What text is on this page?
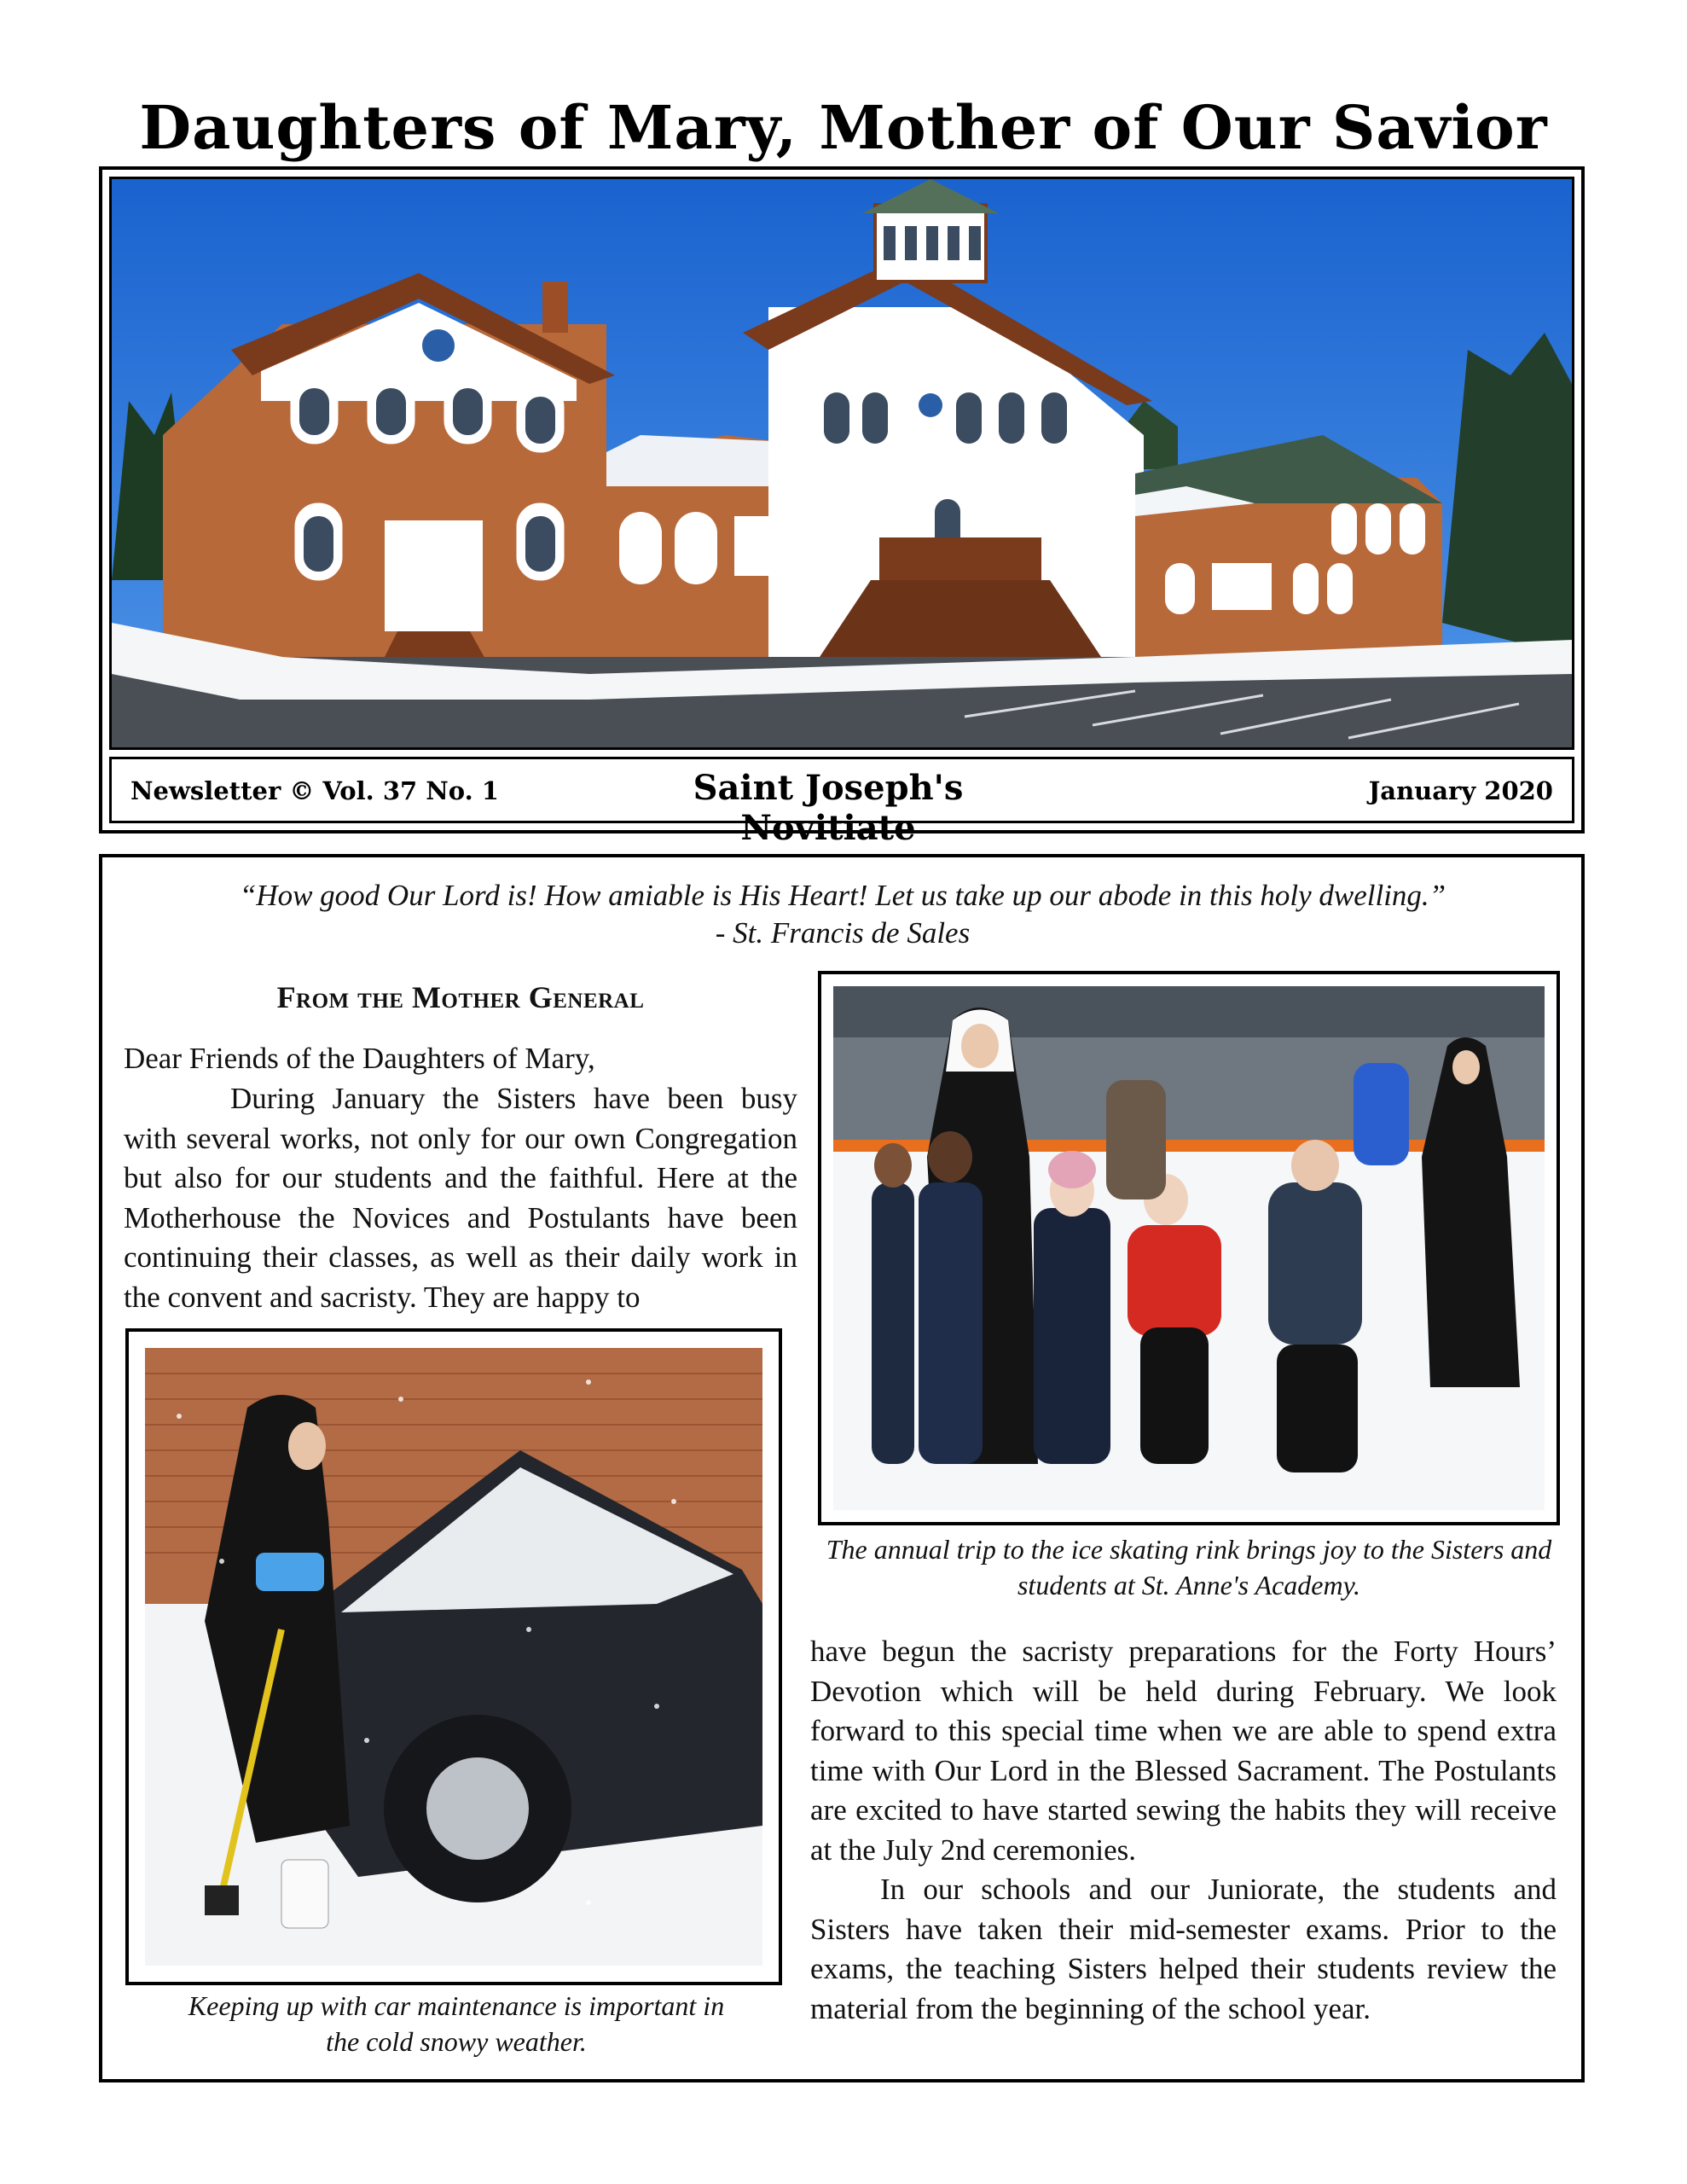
Daughters of Mary, Mother of Our Savior
Newsletter © Vol. 37 No. 1	Saint Joseph's Novitiate
January 2020
“How good Our Lord is! How amiable is His Heart! Let us take up our abode in this holy dwelling.”
- St. Francis de Sales
From the Mother General
Dear Friends of the Daughters of Mary,
During January the Sisters have been busy with several works, not only for our own Congregation but also for our students and the faithful. Here at the Motherhouse the Novices and Postulants have been continuing their classes, as well as their daily work in the convent and sacristy. They are happy to
Keeping up with car maintenance is important in the cold snowy weather.
The annual trip to the ice skating rink brings joy to the Sisters and students at St. Anne's Academy.
have begun the sacristy preparations for the Forty Hours’ Devotion which will be held during February. We look forward to this special time when we are able to spend extra time with Our Lord in the Blessed Sacrament. The Postulants are excited to have started sewing the habits they will receive at the July 2nd ceremonies.
In our schools and our Juniorate, the students and Sisters have taken their mid-semester exams. Prior to the exams, the teaching Sisters helped their students review the material from the beginning of the school year.
